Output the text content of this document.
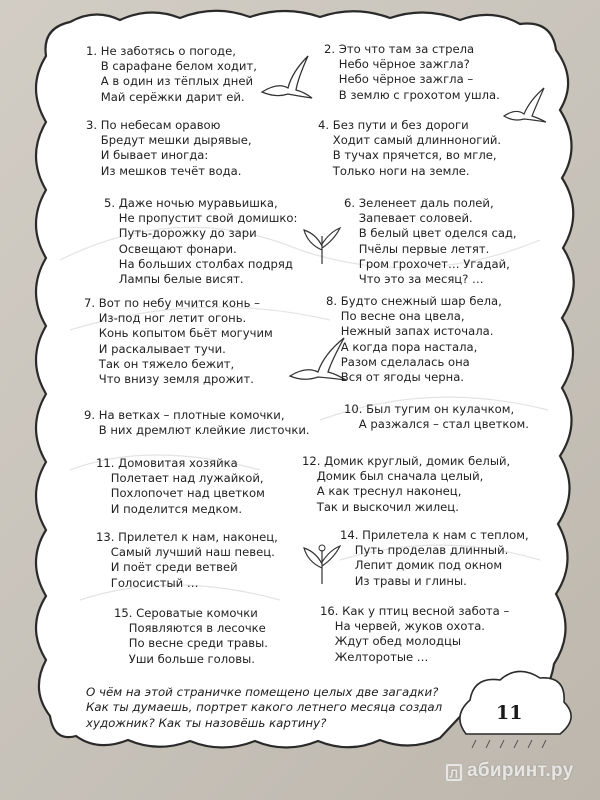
1. Не заботясь о погоде,
В сарафане белом ходит,
А в один из тёплых дней
Май серёжки дарит ей.
2. Это что там за стрела
Небо чёрное зажгла?
Небо чёрное зажгла –
В землю с грохотом ушла.
3. По небесам оравою
Бредут мешки дырявые,
И бывает иногда:
Из мешков течёт вода.
4. Без пути и без дороги
Ходит самый длинноногий.
В тучах прячется, во мгле,
Только ноги на земле.
5. Даже ночью муравьишка,
Не пропустит свой домишко:
Путь-дорожку до зари
Освещают фонари.
На больших столбах подряд
Лампы белые висят.
6. Зеленеет даль полей,
Запевает соловей.
В белый цвет оделся сад,
Пчёлы первые летят.
Гром грохочет… Угадай,
Что это за месяц? …
7. Вот по небу мчится конь –
Из-под ног летит огонь.
Конь копытом бьёт могучим
И раскалывает тучи.
Так он тяжело бежит,
Что внизу земля дрожит.
8. Будто снежный шар бела,
По весне она цвела,
Нежный запах источала.
А когда пора настала,
Разом сделалась она
Вся от ягоды черна.
9. На ветках – плотные комочки,
В них дремлют клейкие листочки.
10. Был тугим он кулачком,
А разжался – стал цветком.
11. Домовитая хозяйка
Полетает над лужайкой,
Похлопочет над цветком
И поделится медком.
12. Домик круглый, домик белый,
Домик был сначала целый,
А как треснул наконец,
Так и выскочил жилец.
13. Прилетел к нам, наконец,
Самый лучший наш певец.
И поёт среди ветвей
Голосистый …
14. Прилетела к нам с теплом,
Путь проделав длинный.
Лепит домик под окном
Из травы и глины.
15. Сероватые комочки
Появляются в лесочке
По весне среди травы.
Уши больше головы.
16. Как у птиц весной забота –
На червей, жуков охота.
Ждут обед молодцы
Желторотые …
О чём на этой страничке помещено целых две загадки?
Как ты думаешь, портрет какого летнего месяца создал
художник? Как ты назовёшь картину?	11
Л абиринт.ру
